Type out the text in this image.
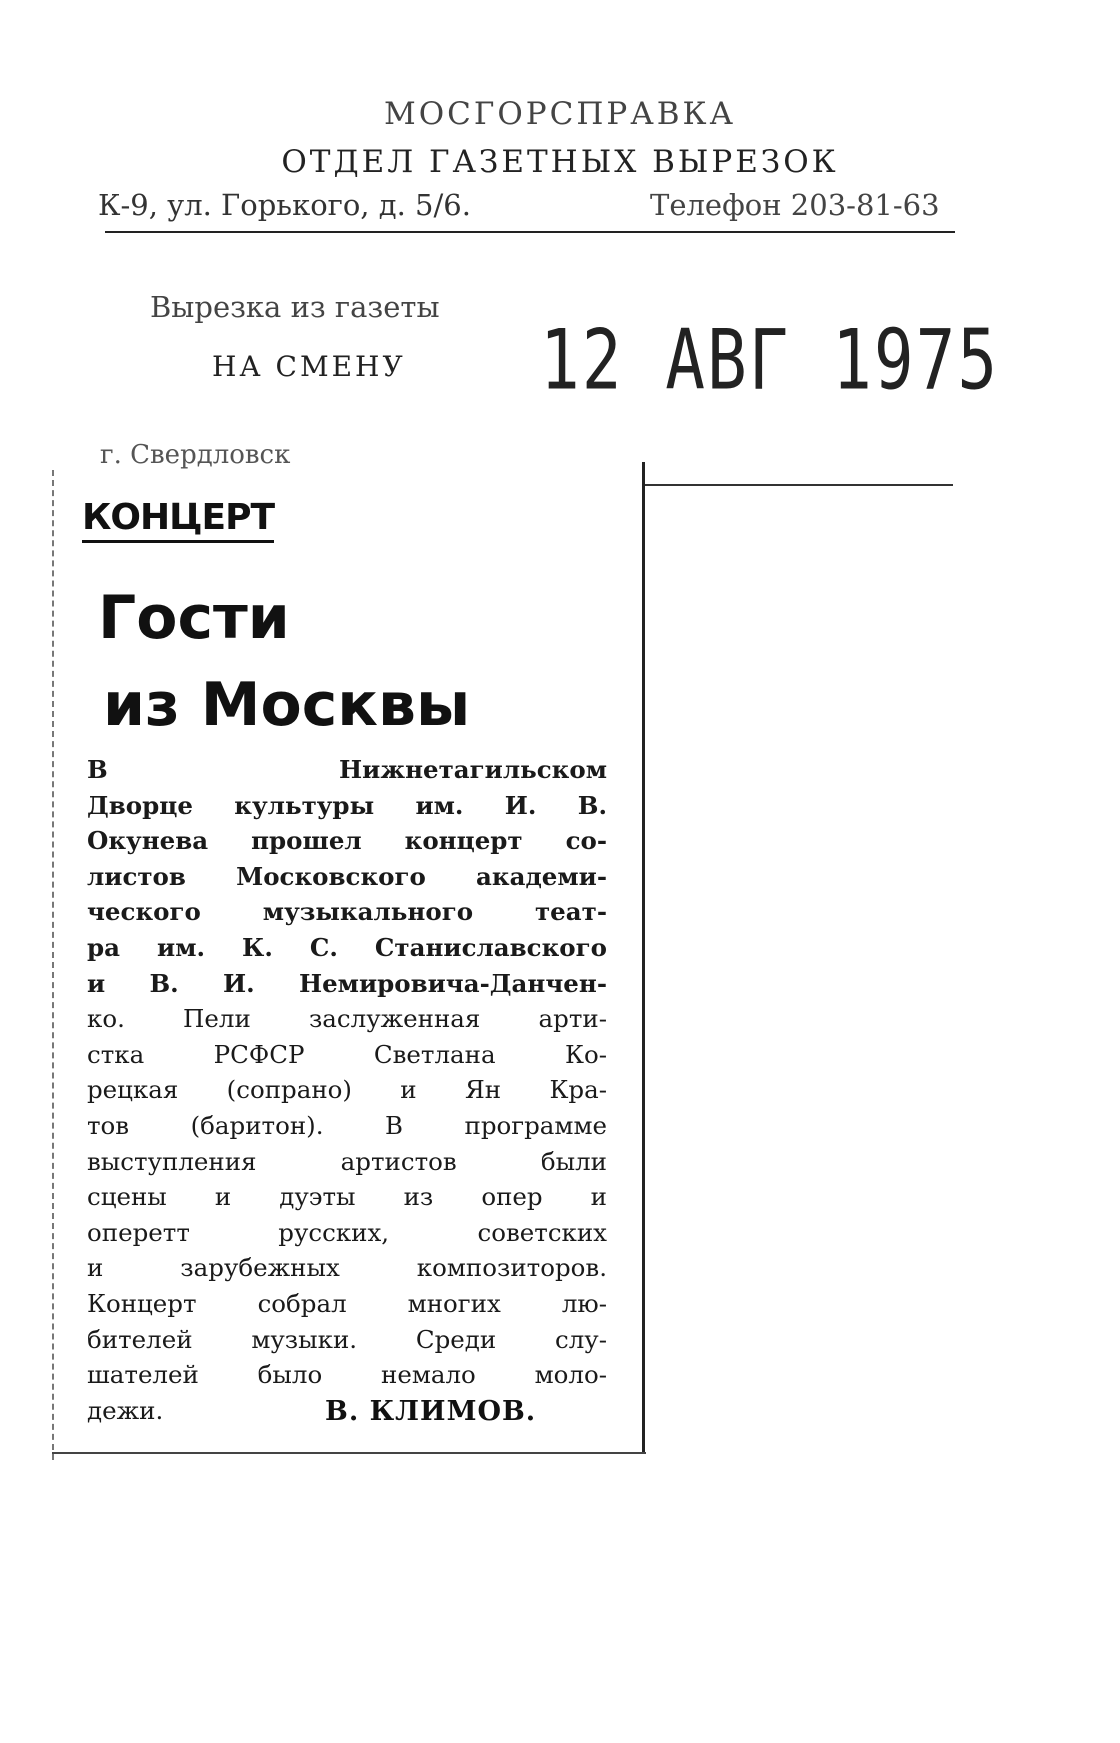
МОСГОРСПРАВКА
ОТДЕЛ ГАЗЕТНЫХ ВЫРЕЗОК
К-9, ул. Горького, д. 5/6.	Телефон 203-81-63
Вырезка из газеты
НА СМЕНУ 12 АВГ 1975
г. Свердловск
КОНЦЕРТ
Гости
из Москвы
В Нижнетагильском
Дворце культуры им. И. В.
Окунева прошел концерт со-
листов Московского академи-
ческого музыкального теат-
ра им. К. С. Станиславского
и В. И. Немировича-Данчен-
ко. Пели заслуженная арти-
стка РСФСР Светлана Ко-
рецкая (сопрано) и Ян Кра-
тов (баритон). В программе
выступления артистов были
сцены и дуэты из опер и
оперетт русских, советских
и зарубежных композиторов.
Концерт собрал многих лю-
бителей музыки. Среди слу-
шателей было немало моло-
дежи.	В. КЛИМОВ.
